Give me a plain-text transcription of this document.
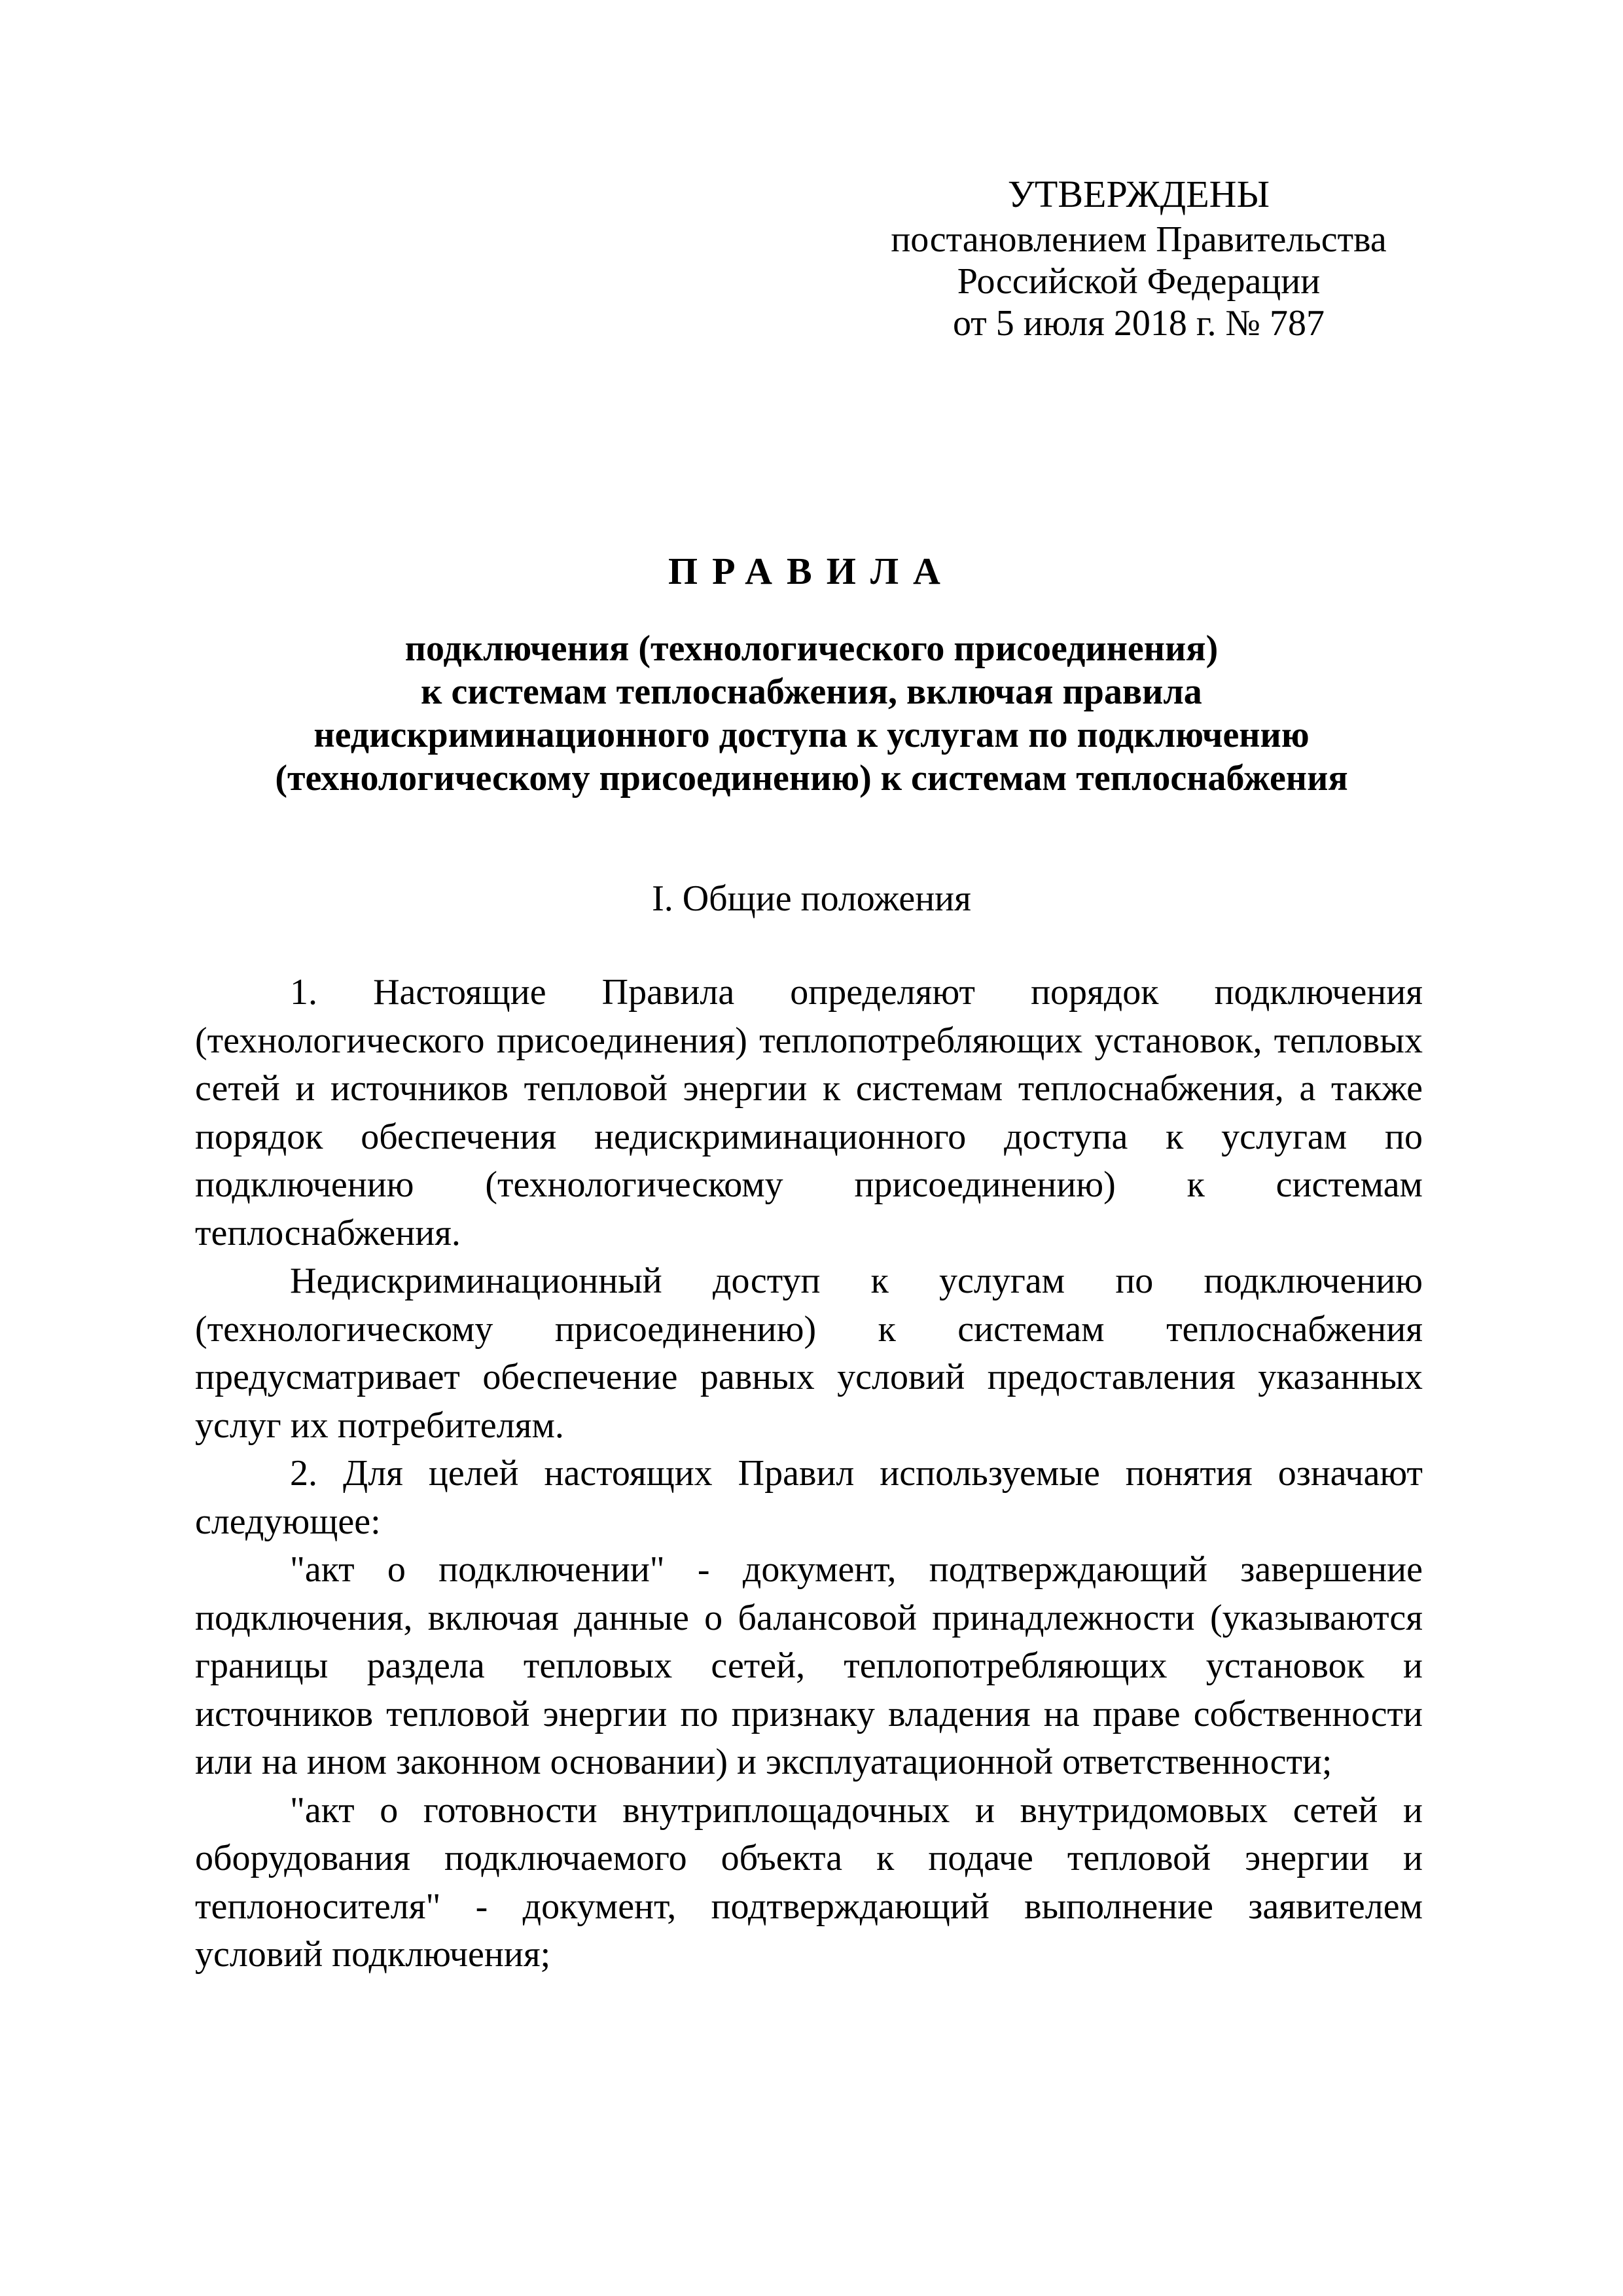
УТВЕРЖДЕНЫ
постановлением Правительства
Российской Федерации
от 5 июля 2018 г. № 787
ПРАВИЛА

подключения (технологического присоединения)

к системам теплоснабжения, включая правила

недискриминационного доступа к услугам по подключению

(технологическому присоединению) к системам теплоснабжения

I. Общие положения

1. Настоящие Правила определяют порядок подключения (технологического присоединения) теплопотребляющих установок, тепловых сетей и источников тепловой энергии к системам теплоснабжения, а также порядок обеспечения недискриминационного доступа к услугам по подключению (технологическому присоединению) к системам теплоснабжения.

Недискриминационный доступ к услугам по подключению (технологическому присоединению) к системам теплоснабжения предусматривает обеспечение равных условий предоставления указанных услуг их потребителям.

2. Для целей настоящих Правил используемые понятия означают следующее:

"акт о подключении" - документ, подтверждающий завершение подключения, включая данные о балансовой принадлежности (указываются границы раздела тепловых сетей, теплопотребляющих установок и источников тепловой энергии по признаку владения на праве собственности или на ином законном основании) и эксплуатационной ответственности;

"акт о готовности внутриплощадочных и внутридомовых сетей и оборудования подключаемого объекта к подаче тепловой энергии и теплоносителя" - документ, подтверждающий выполнение заявителем условий подключения;
